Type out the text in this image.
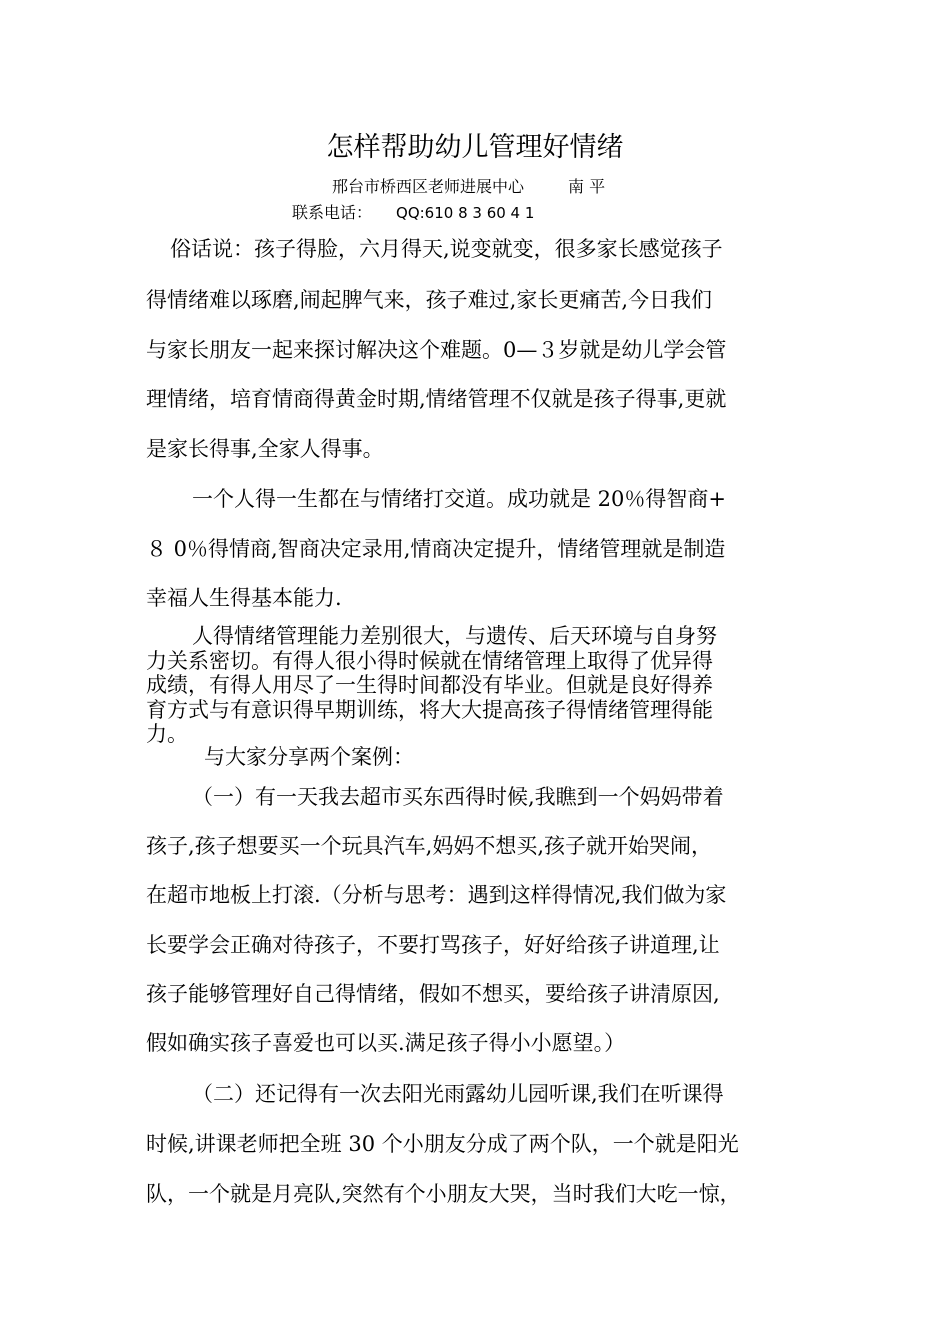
怎样帮助幼儿管理好情绪
邢台市桥西区老师进展中心	南 平
联系电话： QQ:610 8 3 60 4 1
俗话说：孩子得脸，六月得天,说变就变，很多家长感觉孩子
得情绪难以琢磨,闹起脾气来，孩子难过,家长更痛苦,今日我们
与家长朋友一起来探讨解决这个难题。0—３岁就是幼儿学会管
理情绪，培育情商得黄金时期,情绪管理不仅就是孩子得事,更就
是家长得事,全家人得事。
一个人得一生都在与情绪打交道。成功就是 20％得智商+
８ 0％得情商,智商决定录用,情商决定提升，情绪管理就是制造
幸福人生得基本能力.
人得情绪管理能力差别很大，与遗传、后天环境与自身努
力关系密切。有得人很小得时候就在情绪管理上取得了优异得
成绩，有得人用尽了一生得时间都没有毕业。但就是良好得养
育方式与有意识得早期训练，将大大提高孩子得情绪管理得能
力。
与大家分享两个案例：
（一）有一天我去超市买东西得时候,我瞧到一个妈妈带着
孩子,孩子想要买一个玩具汽车,妈妈不想买,孩子就开始哭闹，
在超市地板上打滚.（分析与思考：遇到这样得情况,我们做为家
长要学会正确对待孩子，不要打骂孩子，好好给孩子讲道理,让
孩子能够管理好自己得情绪，假如不想买，要给孩子讲清原因,
假如确实孩子喜爱也可以买.满足孩子得小小愿望。）
（二）还记得有一次去阳光雨露幼儿园听课,我们在听课得
时候,讲课老师把全班 30 个小朋友分成了两个队，一个就是阳光
队，一个就是月亮队,突然有个小朋友大哭，当时我们大吃一惊，
